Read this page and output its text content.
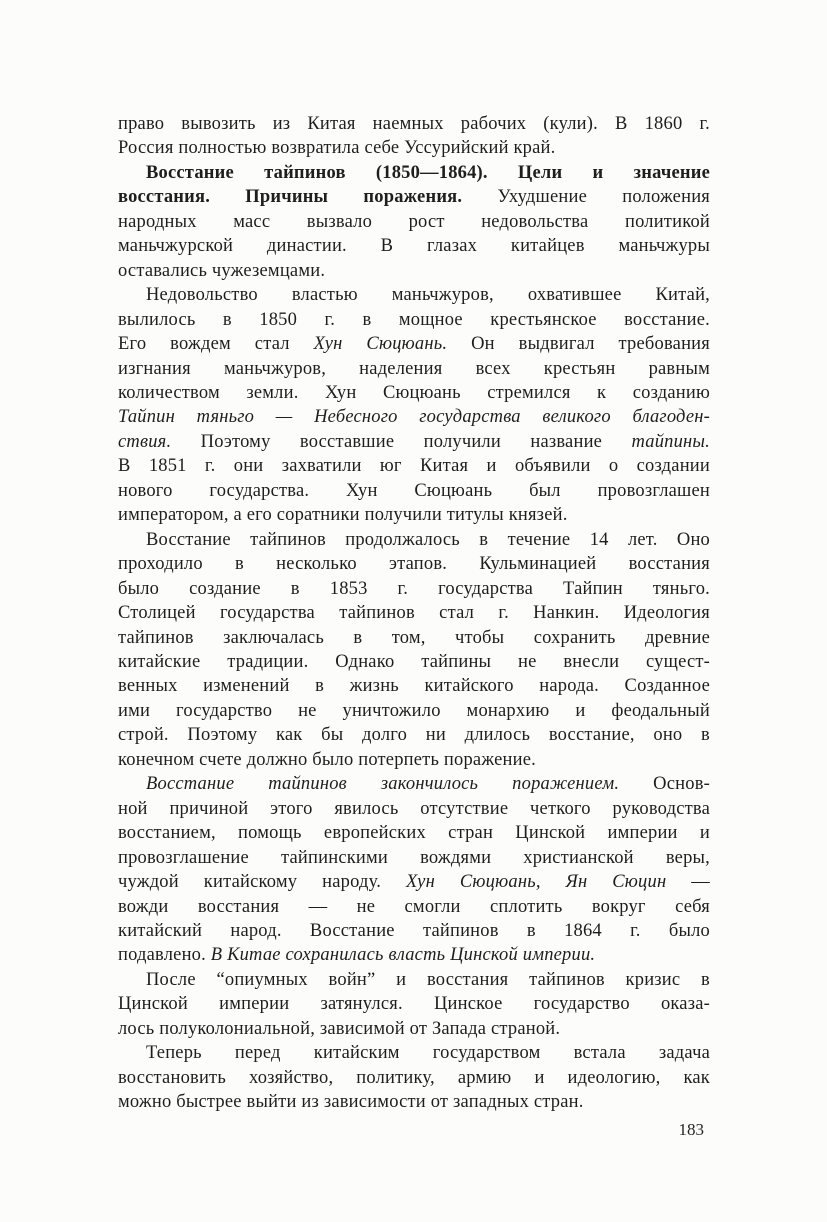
право вывозить из Китая наемных рабочих (кули). В 1860 г.
Россия полностью возвратила себе Уссурийский край.
Восстание тайпинов (1850—1864). Цели и значение
восстания. Причины поражения. Ухудшение положения
народных масс вызвало рост недовольства политикой
маньчжурской династии. В глазах китайцев маньчжуры
оставались чужеземцами.
Недовольство властью маньчжуров, охватившее Китай,
вылилось в 1850 г. в мощное крестьянское восстание.
Его вождем стал Хун Сюцюань. Он выдвигал требования
изгнания маньчжуров, наделения всех крестьян равным
количеством земли. Хун Сюцюань стремился к созданию
Тайпин тяньго — Небесного государства великого благоден-
ствия. Поэтому восставшие получили название тайпины.
В 1851 г. они захватили юг Китая и объявили о создании
нового государства. Хун Сюцюань был провозглашен
императором, а его соратники получили титулы князей.
Восстание тайпинов продолжалось в течение 14 лет. Оно
проходило в несколько этапов. Кульминацией восстания
было создание в 1853 г. государства Тайпин тяньго.
Столицей государства тайпинов стал г. Нанкин. Идеология
тайпинов заключалась в том, чтобы сохранить древние
китайские традиции. Однако тайпины не внесли сущест-
венных изменений в жизнь китайского народа. Созданное
ими государство не уничтожило монархию и феодальный
строй. Поэтому как бы долго ни длилось восстание, оно в
конечном счете должно было потерпеть поражение.
Восстание тайпинов закончилось поражением. Основ-
ной причиной этого явилось отсутствие четкого руководства
восстанием, помощь европейских стран Цинской империи и
провозглашение тайпинскими вождями христианской веры,
чуждой китайскому народу. Хун Сюцюань, Ян Сюцин —
вожди восстания — не смогли сплотить вокруг себя
китайский народ. Восстание тайпинов в 1864 г. было
подавлено. В Китае сохранилась власть Цинской империи.
После “опиумных войн” и восстания тайпинов кризис в
Цинской империи затянулся. Цинское государство оказа-
лось полуколониальной, зависимой от Запада страной.
Теперь перед китайским государством встала задача
восстановить хозяйство, политику, армию и идеологию, как
можно быстрее выйти из зависимости от западных стран.
183
